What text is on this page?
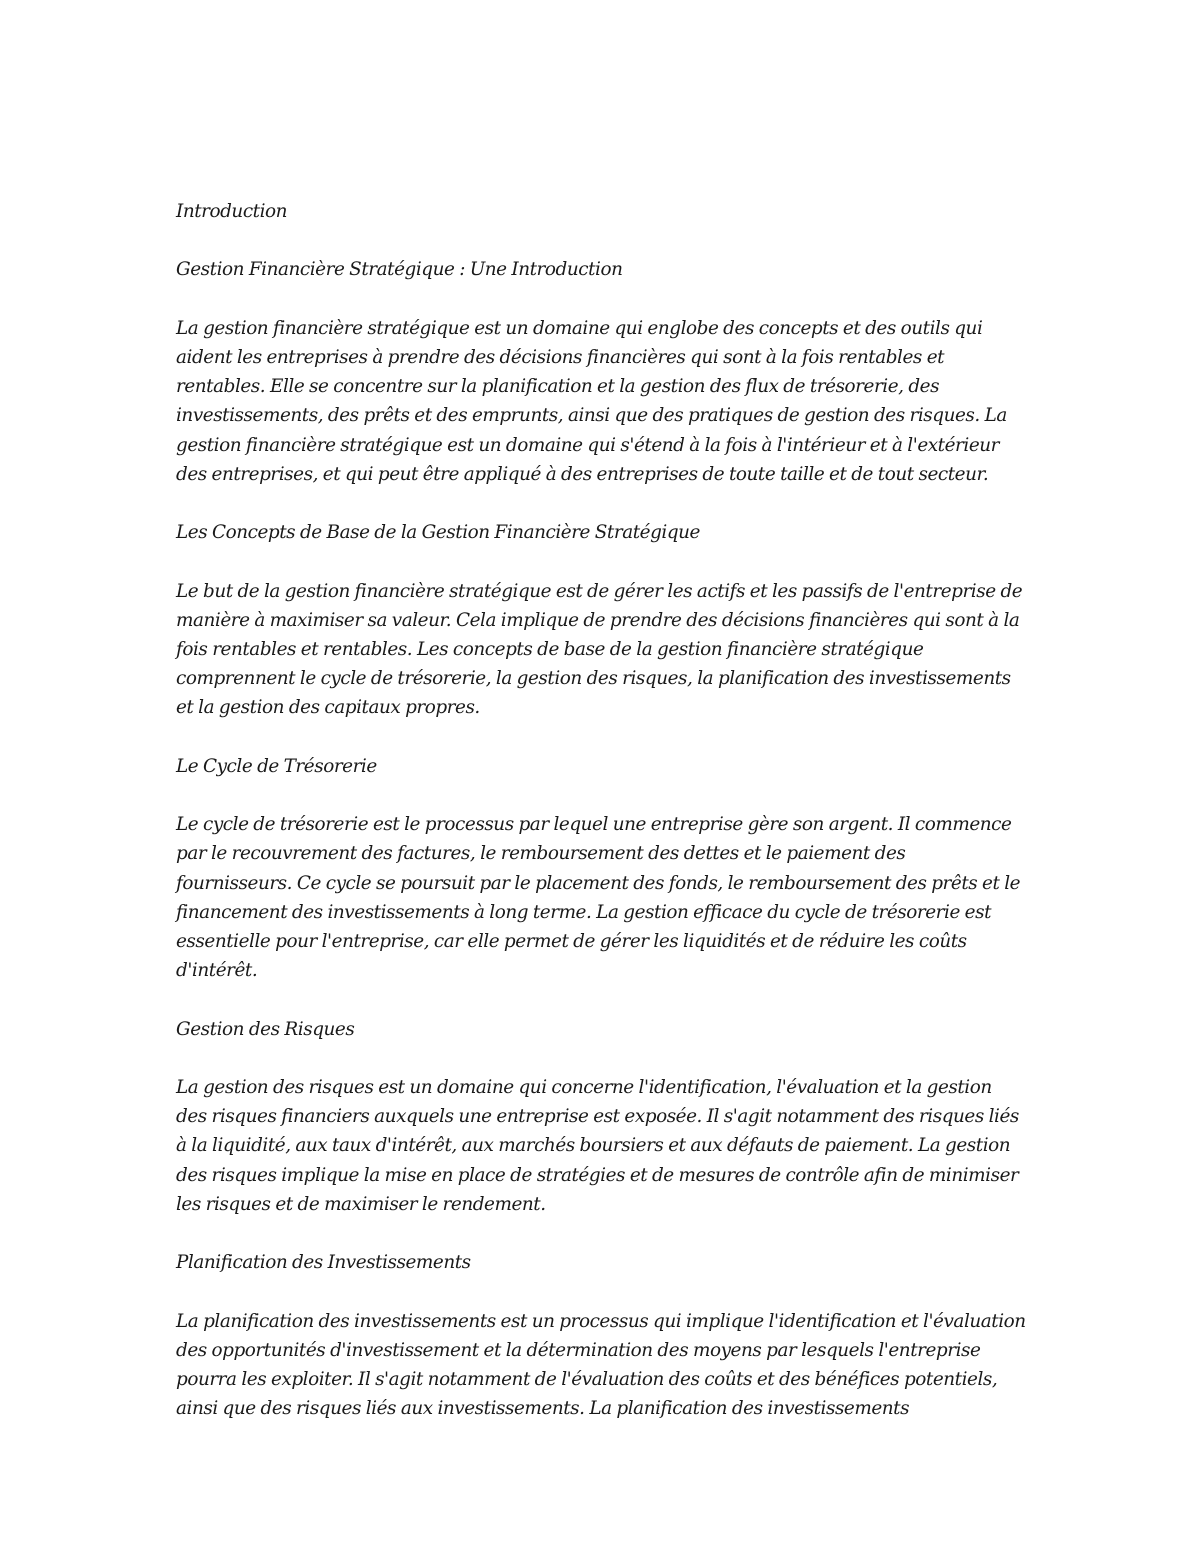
Introduction

Gestion Financière Stratégique : Une Introduction

La gestion financière stratégique est un domaine qui englobe des concepts et des outils qui aident les entreprises à prendre des décisions financières qui sont à la fois rentables et rentables. Elle se concentre sur la planification et la gestion des flux de trésorerie, des investissements, des prêts et des emprunts, ainsi que des pratiques de gestion des risques. La gestion financière stratégique est un domaine qui s'étend à la fois à l'intérieur et à l'extérieur des entreprises, et qui peut être appliqué à des entreprises de toute taille et de tout secteur.

Les Concepts de Base de la Gestion Financière Stratégique

Le but de la gestion financière stratégique est de gérer les actifs et les passifs de l'entreprise de manière à maximiser sa valeur. Cela implique de prendre des décisions financières qui sont à la fois rentables et rentables. Les concepts de base de la gestion financière stratégique comprennent le cycle de trésorerie, la gestion des risques, la planification des investissements et la gestion des capitaux propres.

Le Cycle de Trésorerie

Le cycle de trésorerie est le processus par lequel une entreprise gère son argent. Il commence par le recouvrement des factures, le remboursement des dettes et le paiement des fournisseurs. Ce cycle se poursuit par le placement des fonds, le remboursement des prêts et le financement des investissements à long terme. La gestion efficace du cycle de trésorerie est essentielle pour l'entreprise, car elle permet de gérer les liquidités et de réduire les coûts d'intérêt.

Gestion des Risques

La gestion des risques est un domaine qui concerne l'identification, l'évaluation et la gestion des risques financiers auxquels une entreprise est exposée. Il s'agit notamment des risques liés à la liquidité, aux taux d'intérêt, aux marchés boursiers et aux défauts de paiement. La gestion des risques implique la mise en place de stratégies et de mesures de contrôle afin de minimiser les risques et de maximiser le rendement.

Planification des Investissements

La planification des investissements est un processus qui implique l'identification et l'évaluation des opportunités d'investissement et la détermination des moyens par lesquels l'entreprise pourra les exploiter. Il s'agit notamment de l'évaluation des coûts et des bénéfices potentiels, ainsi que des risques liés aux investissements. La planification des investissements
